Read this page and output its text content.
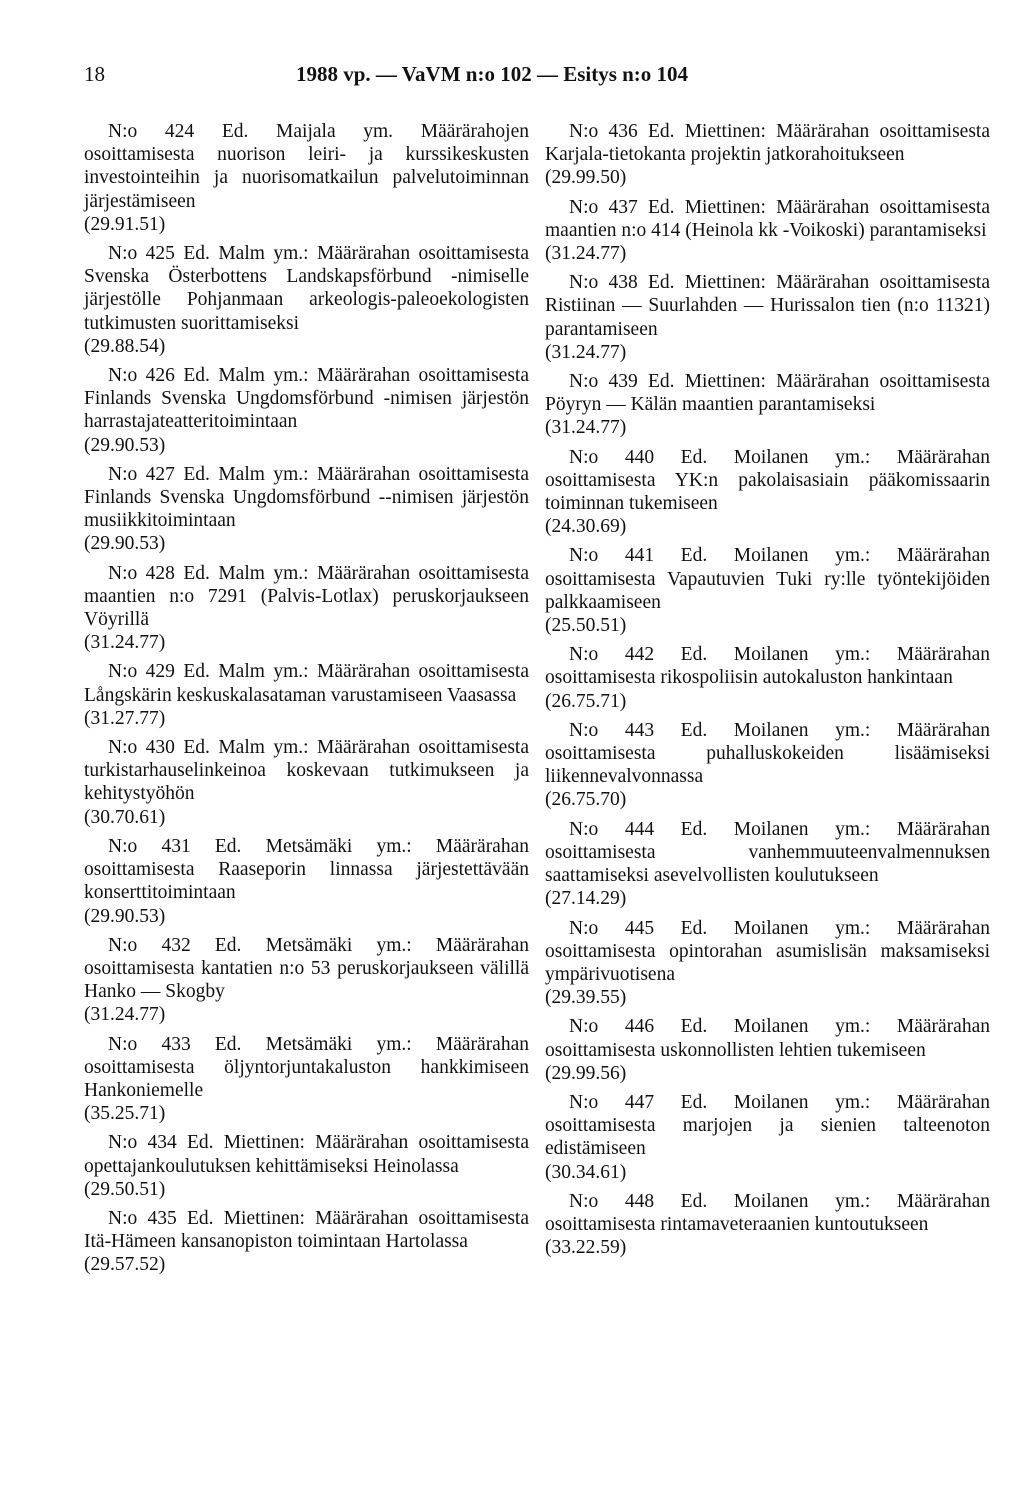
18	1988 vp. — VaVM n:o 102 — Esitys n:o 104

N:o 424 Ed. Maijala ym. Määrärahojen osoittamisesta nuorison leiri- ja kurssikeskusten investointeihin ja nuorisomatkailun palvelutoiminnan järjestämiseen

(29.91.51)

N:o 425 Ed. Malm ym.: Määrärahan osoittamisesta Svenska Österbottens Landskapsförbund -nimiselle järjestölle Pohjanmaan arkeologis-paleoekologisten tutkimusten suorittamiseksi

(29.88.54)

N:o 426 Ed. Malm ym.: Määrärahan osoittamisesta Finlands Svenska Ungdomsförbund -nimisen järjestön harrastajateatteritoimintaan

(29.90.53)

N:o 427 Ed. Malm ym.: Määrärahan osoittamisesta Finlands Svenska Ungdomsförbund --nimisen järjestön musiikkitoimintaan

(29.90.53)

N:o 428 Ed. Malm ym.: Määrärahan osoittamisesta maantien n:o 7291 (Palvis-Lotlax) peruskorjaukseen Vöyrillä

(31.24.77)

N:o 429 Ed. Malm ym.: Määrärahan osoittamisesta Långskärin keskuskalasataman varustamiseen Vaasassa

(31.27.77)

N:o 430 Ed. Malm ym.: Määrärahan osoittamisesta turkistarhauselinkeinoa koskevaan tutkimukseen ja kehitystyöhön

(30.70.61)

N:o 431 Ed. Metsämäki ym.: Määrärahan osoittamisesta Raaseporin linnassa järjestettävään konserttitoimintaan

(29.90.53)

N:o 432 Ed. Metsämäki ym.: Määrärahan osoittamisesta kantatien n:o 53 peruskorjaukseen välillä Hanko — Skogby

(31.24.77)

N:o 433 Ed. Metsämäki ym.: Määrärahan osoittamisesta öljyntorjuntakaluston hankkimiseen Hankoniemelle

(35.25.71)

N:o 434 Ed. Miettinen: Määrärahan osoittamisesta opettajankoulutuksen kehittämiseksi Heinolassa

(29.50.51)

N:o 435 Ed. Miettinen: Määrärahan osoittamisesta Itä-Hämeen kansanopiston toimintaan Hartolassa

(29.57.52)

N:o 436 Ed. Miettinen: Määrärahan osoittamisesta Karjala-tietokanta projektin jatkorahoitukseen

(29.99.50)

N:o 437 Ed. Miettinen: Määrärahan osoittamisesta maantien n:o 414 (Heinola kk -Voikoski) parantamiseksi

(31.24.77)

N:o 438 Ed. Miettinen: Määrärahan osoittamisesta Ristiinan — Suurlahden — Hurissalon tien (n:o 11321) parantamiseen

(31.24.77)

N:o 439 Ed. Miettinen: Määrärahan osoittamisesta Pöyryn — Kälän maantien parantamiseksi

(31.24.77)

N:o 440 Ed. Moilanen ym.: Määrärahan osoittamisesta YK:n pakolaisasiain pääkomissaarin toiminnan tukemiseen

(24.30.69)

N:o 441 Ed. Moilanen ym.: Määrärahan osoittamisesta Vapautuvien Tuki ry:lle työntekijöiden palkkaamiseen

(25.50.51)

N:o 442 Ed. Moilanen ym.: Määrärahan osoittamisesta rikospoliisin autokaluston hankintaan

(26.75.71)

N:o 443 Ed. Moilanen ym.: Määrärahan osoittamisesta puhalluskokeiden lisäämiseksi liikennevalvonnassa

(26.75.70)

N:o 444 Ed. Moilanen ym.: Määrärahan osoittamisesta vanhemmuuteenvalmennuksen saattamiseksi asevelvollisten koulutukseen

(27.14.29)

N:o 445 Ed. Moilanen ym.: Määrärahan osoittamisesta opintorahan asumislisän maksamiseksi ympärivuotisena

(29.39.55)

N:o 446 Ed. Moilanen ym.: Määrärahan osoittamisesta uskonnollisten lehtien tukemiseen

(29.99.56)

N:o 447 Ed. Moilanen ym.: Määrärahan osoittamisesta marjojen ja sienien talteenoton edistämiseen

(30.34.61)

N:o 448 Ed. Moilanen ym.: Määrärahan osoittamisesta rintamaveteraanien kuntoutukseen

(33.22.59)
